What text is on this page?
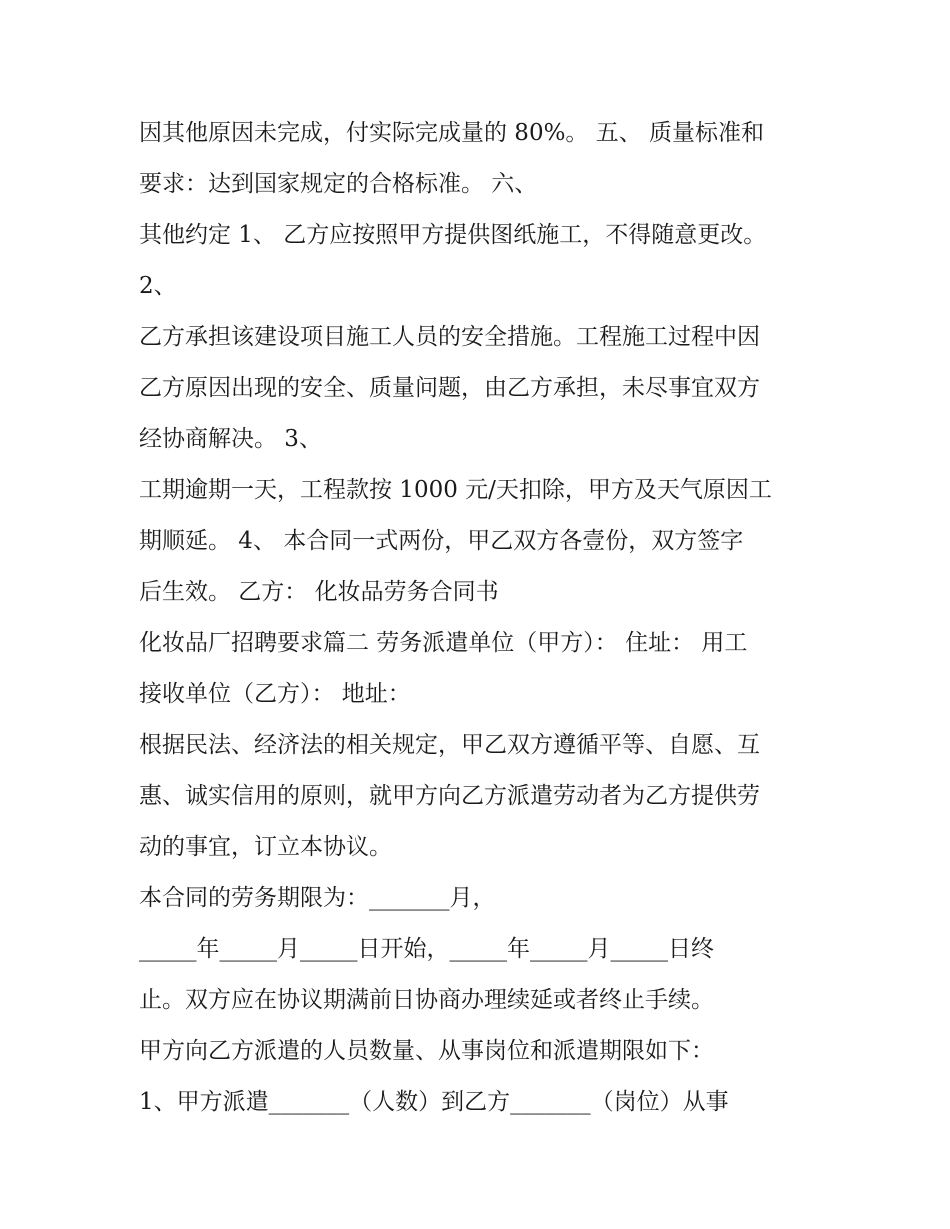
因其他原因未完成，付实际完成量的 80%。 五、 质量标准和

要求：达到国家规定的合格标准。 六、

其他约定 1、 乙方应按照甲方提供图纸施工，不得随意更改。

2、

乙方承担该建设项目施工人员的安全措施。工程施工过程中因

乙方原因出现的安全、质量问题，由乙方承担，未尽事宜双方

经协商解决。 3、

工期逾期一天，工程款按 1000 元/天扣除，甲方及天气原因工

期顺延。 4、 本合同一式两份，甲乙双方各壹份，双方签字

后生效。 乙方： 化妆品劳务合同书

化妆品厂招聘要求篇二 劳务派遣单位（甲方）： 住址： 用工

接收单位（乙方）： 地址：

根据民法、经济法的相关规定，甲乙双方遵循平等、自愿、互

惠、诚实信用的原则，就甲方向乙方派遣劳动者为乙方提供劳

动的事宜，订立本协议。

本合同的劳务期限为：_______月，

_____年_____月_____日开始，_____年_____月_____日终

止。双方应在协议期满前日协商办理续延或者终止手续。

甲方向乙方派遣的人员数量、从事岗位和派遣期限如下：

1、甲方派遣_______（人数）到乙方_______（岗位）从事
